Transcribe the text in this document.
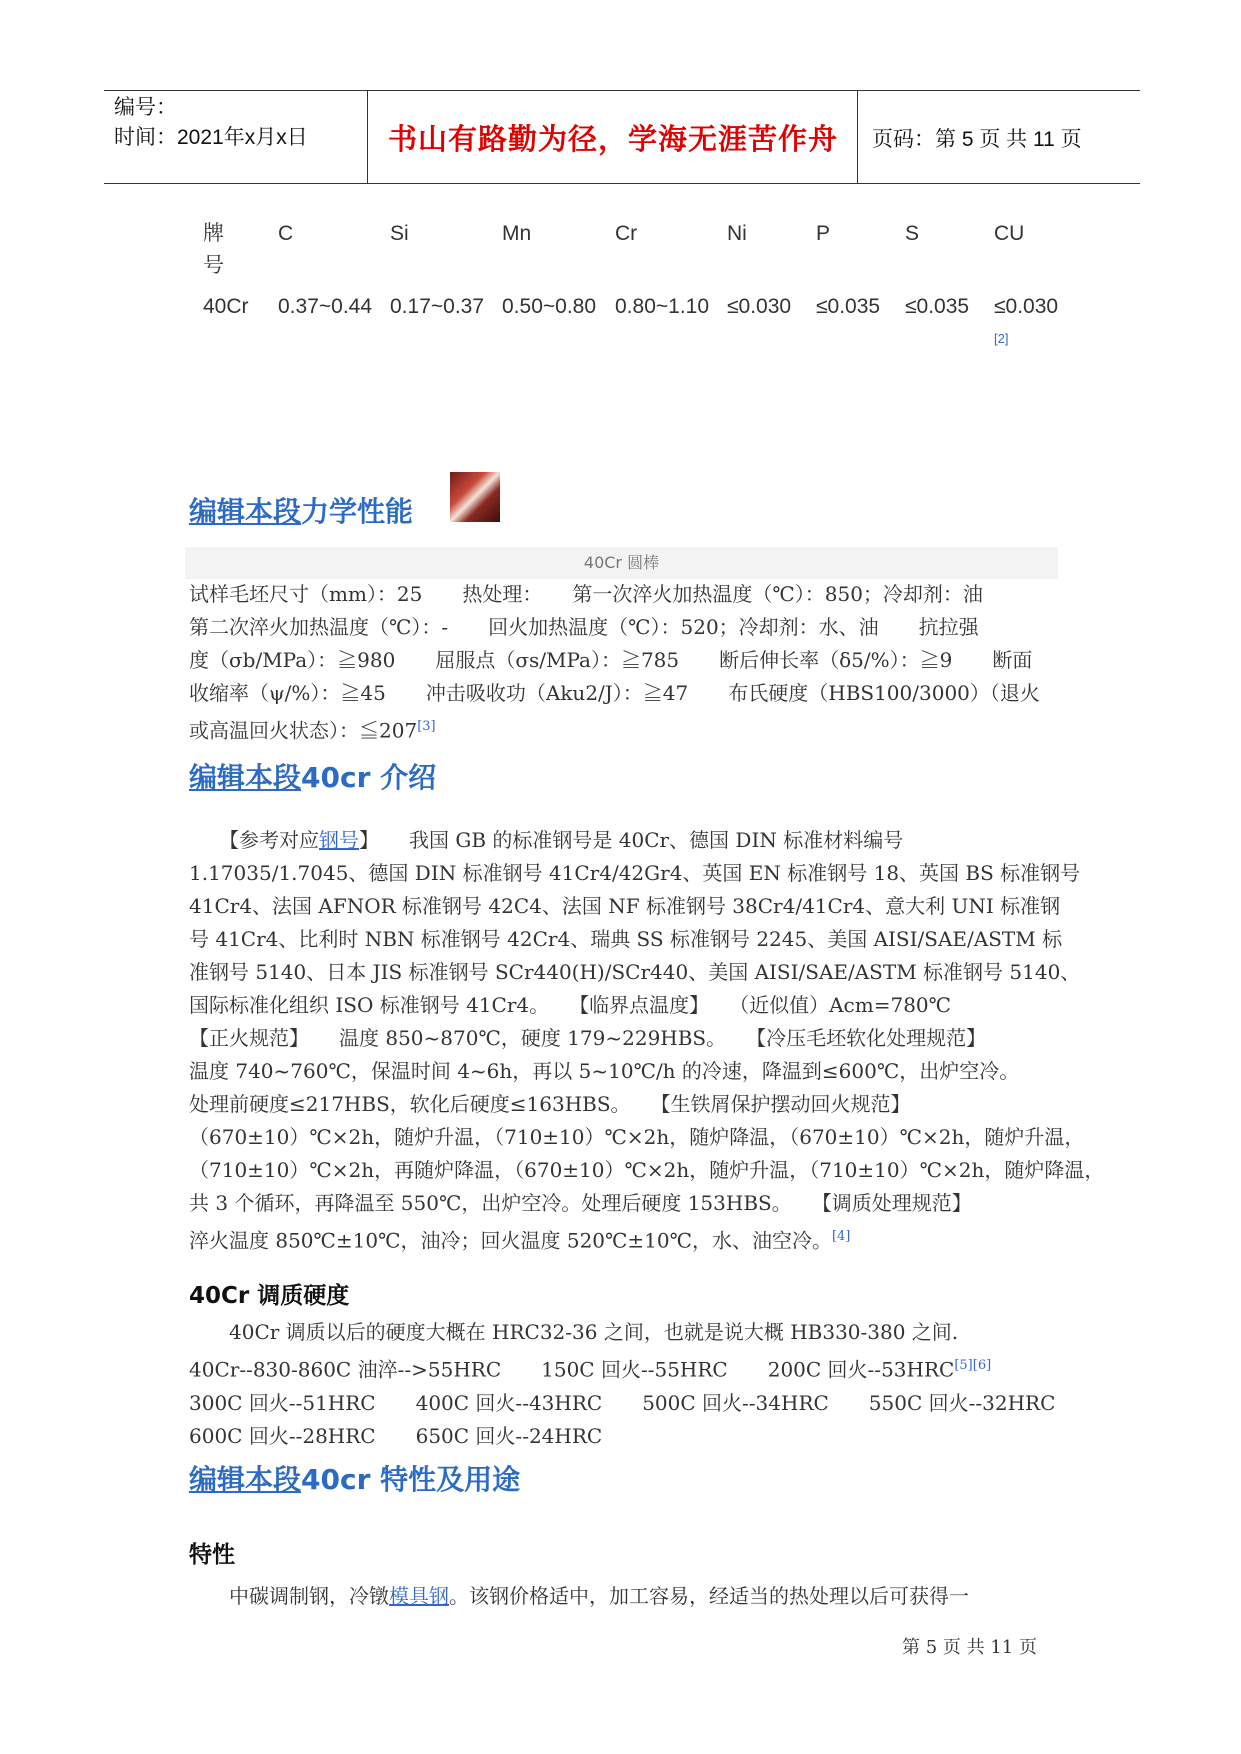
编号：
时间：2021年x月x日	书山有路勤为径，学海无涯苦作舟	页码：第 5 页 共 11 页
牌号
C	Si	Mn	Cr	Ni	P	S	CU
40Cr 0.37~0.44 0.17~0.37 0.50~0.80 0.80~1.10 ≤0.030 ≤0.035 ≤0.035 ≤0.030
[2]
编辑本段力学性能
40Cr 圆棒
试样毛坯尺寸（mm）：25　　热处理：　　第一次淬火加热温度（℃）：850；冷却剂：油
第二次淬火加热温度（℃）：-　　回火加热温度（℃）：520；冷却剂：水、油　　抗拉强
度（σb/MPa）：≧980　　屈服点（σs/MPa）：≧785　　断后伸长率（δ5/%）：≧9　　断面
收缩率（ψ/%）：≧45　　冲击吸收功（Aku2/J）：≧47　　布氏硬度（HBS100/3000）（退火
或高温回火状态）：≦207[3]
编辑本段40cr 介绍
　　【参考对应钢号】　　我国 GB 的标准钢号是 40Cr、德国 DIN 标准材料编号
1.17035/1.7045、德国 DIN 标准钢号 41Cr4/42Gr4、英国 EN 标准钢号 18、英国 BS 标准钢号
41Cr4、法国 AFNOR 标准钢号 42C4、法国 NF 标准钢号 38Cr4/41Cr4、意大利 UNI 标准钢
号 41Cr4、比利时 NBN 标准钢号 42Cr4、瑞典 SS 标准钢号 2245、美国 AISI/SAE/ASTM 标
准钢号 5140、日本 JIS 标准钢号 SCr440(H)/SCr440、美国 AISI/SAE/ASTM 标准钢号 5140、
国际标准化组织 ISO 标准钢号 41Cr4。　　【临界点温度】　　（近似值）Acm=780℃
【正火规范】　　温度 850~870℃，硬度 179~229HBS。　　【冷压毛坯软化处理规范】
温度 740~760℃，保温时间 4~6h，再以 5~10℃/h 的冷速，降温到≤600℃，出炉空冷。
处理前硬度≤217HBS，软化后硬度≤163HBS。　　【生铁屑保护摆动回火规范】
（670±10）℃×2h，随炉升温，（710±10）℃×2h，随炉降温，（670±10）℃×2h，随炉升温，
（710±10）℃×2h，再随炉降温，（670±10）℃×2h，随炉升温，（710±10）℃×2h，随炉降温，
共 3 个循环，再降温至 550℃，出炉空冷。处理后硬度 153HBS。　　【调质处理规范】
淬火温度 850℃±10℃，油冷；回火温度 520℃±10℃，水、油空冷。[4]
40Cr 调质硬度
　　40Cr 调质以后的硬度大概在 HRC32-36 之间，也就是说大概 HB330-380 之间.
40Cr--830-860C 油淬-->55HRC　　150C 回火--55HRC　　200C 回火--53HRC[5][6]
300C 回火--51HRC　　400C 回火--43HRC　　500C 回火--34HRC　　550C 回火--32HRC
600C 回火--28HRC　　650C 回火--24HRC
编辑本段40cr 特性及用途
特性
　　中碳调制钢，冷镦模具钢。该钢价格适中，加工容易，经适当的热处理以后可获得一
第 5 页 共 11 页
